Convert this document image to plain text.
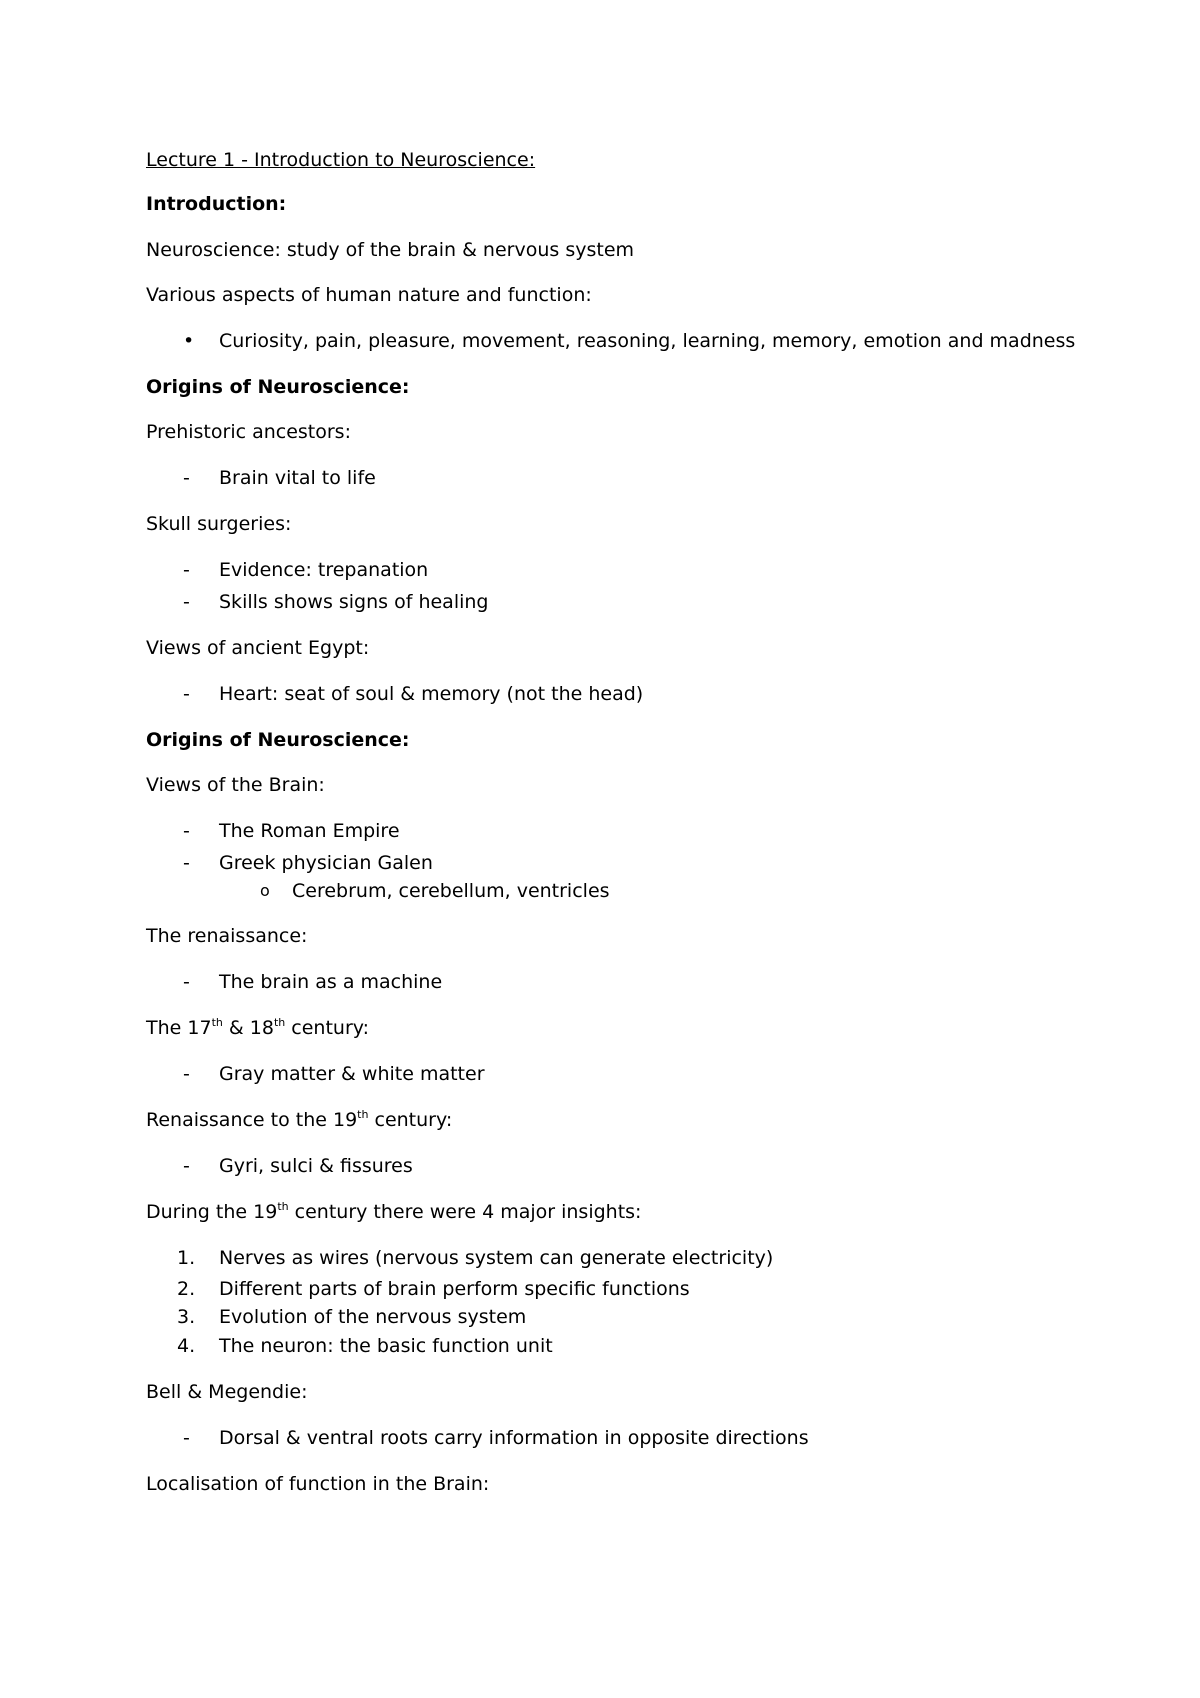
Lecture 1 - Introduction to Neuroscience:
Introduction:
Neuroscience: study of the brain & nervous system
Various aspects of human nature and function:
•	Curiosity, pain, pleasure, movement, reasoning, learning, memory, emotion and madness
Origins of Neuroscience:
Prehistoric ancestors:
-	Brain vital to life
Skull surgeries:
-	Evidence: trepanation
-	Skills shows signs of healing
Views of ancient Egypt:
-	Heart: seat of soul & memory (not the head)
Origins of Neuroscience:
Views of the Brain:
-	The Roman Empire
-	Greek physician Galen
o	Cerebrum, cerebellum, ventricles
The renaissance:
-	The brain as a machine
The 17th & 18th century:
-	Gray matter & white matter
Renaissance to the 19th century:
-	Gyri, sulci & fissures
During the 19th century there were 4 major insights:
1. Nerves as wires (nervous system can generate electricity)
2. Different parts of brain perform specific functions
3. Evolution of the nervous system
4. The neuron: the basic function unit
Bell & Megendie:
-	Dorsal & ventral roots carry information in opposite directions
Localisation of function in the Brain:
